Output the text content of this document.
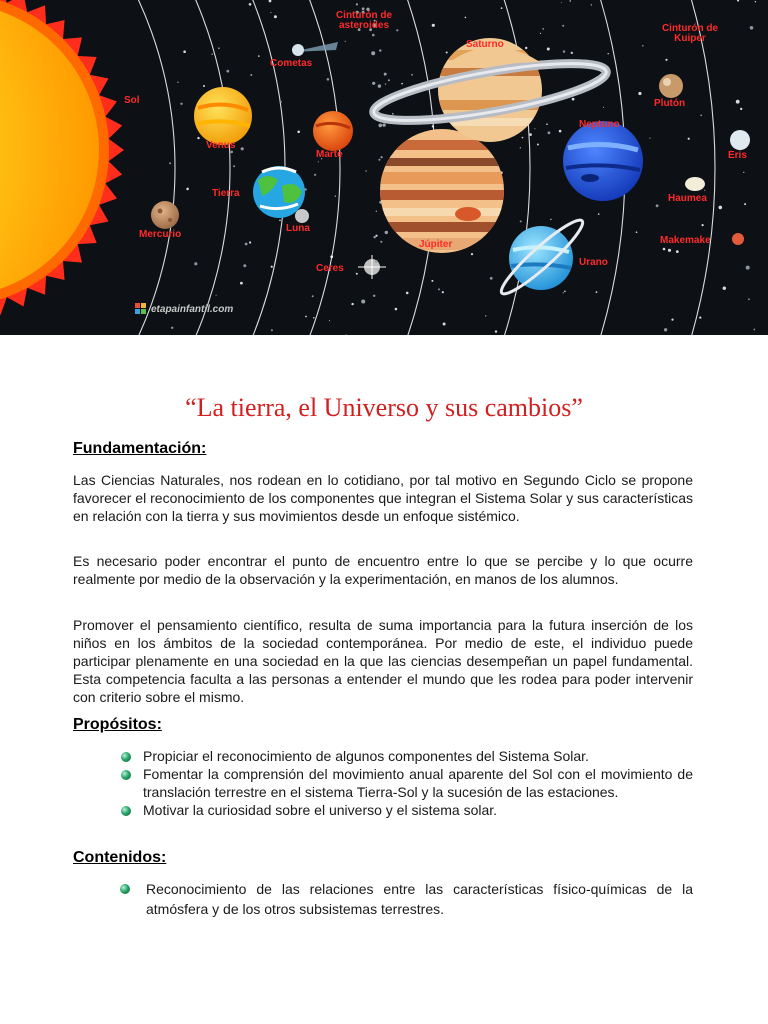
Sol
Mercurio
Venus
Tierra
Luna
Marte
Ceres
Cometas
Cinturón de
asteroides
Júpiter
Saturno
Urano
Neptuno
Plutón
Cinturón de
Kuiper
Eris
Haumea
Makemake
etapainfantil.com
“La tierra, el Universo y sus cambios”
Fundamentación:

Las Ciencias Naturales, nos rodean en lo cotidiano, por tal motivo en Segundo Ciclo se propone favorecer el reconocimiento de los componentes que integran el Sistema Solar y sus características en relación con la tierra y sus movimientos desde un enfoque sistémico.

Es necesario poder encontrar el punto de encuentro entre lo que se percibe y lo que ocurre realmente por medio de la observación y la experimentación, en manos de los alumnos.

Promover el pensamiento científico, resulta de suma importancia para la futura inserción de los niños en los ámbitos de la sociedad contemporánea. Por medio de este, el individuo puede participar plenamente en una sociedad en la que las ciencias desempeñan un papel fundamental. Esta competencia faculta a las personas a entender el mundo que les rodea para poder intervenir con criterio sobre el mismo.

Propósitos:
Propiciar el reconocimiento de algunos componentes del Sistema Solar.
Fomentar la comprensión del movimiento anual aparente del Sol con el movimiento de translación terrestre en el sistema Tierra-Sol y la sucesión de las estaciones.
Motivar la curiosidad sobre el universo y el sistema solar.
Contenidos:
Reconocimiento de las relaciones entre las características físico-químicas de la atmósfera y de los otros subsistemas terrestres.
